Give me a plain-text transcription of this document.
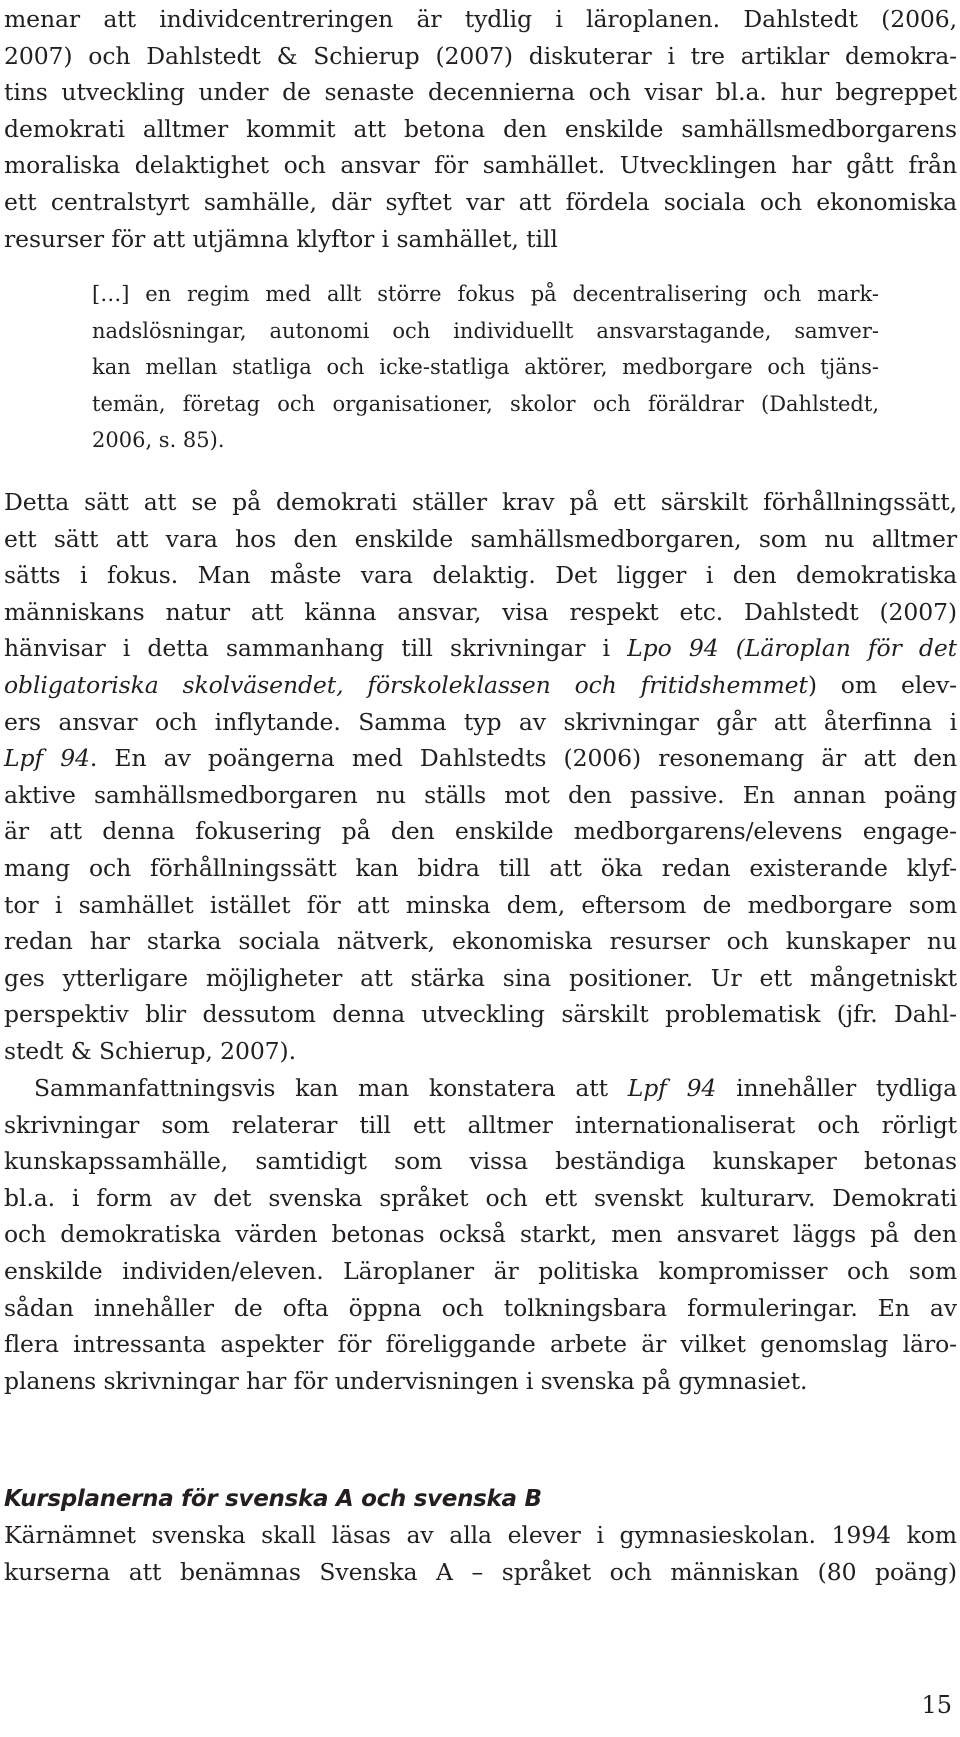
menar att individcentreringen är tydlig i läroplanen. Dahlstedt (2006,
2007) och Dahlstedt & Schierup (2007) diskuterar i tre artiklar demokra-
tins utveckling under de senaste decennierna och visar bl.a. hur begreppet
demokrati alltmer kommit att betona den enskilde samhällsmedborgarens
moraliska delaktighet och ansvar för samhället. Utvecklingen har gått från
ett centralstyrt samhälle, där syftet var att fördela sociala och ekonomiska
resurser för att utjämna klyftor i samhället, till
[…] en regim med allt större fokus på decentralisering och mark-
nadslösningar, autonomi och individuellt ansvarstagande, samver-
kan mellan statliga och icke-statliga aktörer, medborgare och tjäns-
temän, företag och organisationer, skolor och föräldrar (Dahlstedt,
2006, s. 85).
Detta sätt att se på demokrati ställer krav på ett särskilt förhållningssätt,
ett sätt att vara hos den enskilde samhällsmedborgaren, som nu alltmer
sätts i fokus. Man måste vara delaktig. Det ligger i den demokratiska
människans natur att känna ansvar, visa respekt etc. Dahlstedt (2007)
hänvisar i detta sammanhang till skrivningar i Lpo 94 (Läroplan för det
obligatoriska skolväsendet, förskoleklassen och fritidshemmet) om elev-
ers ansvar och inflytande. Samma typ av skrivningar går att återfinna i
Lpf 94. En av poängerna med Dahlstedts (2006) resonemang är att den
aktive samhällsmedborgaren nu ställs mot den passive. En annan poäng
är att denna fokusering på den enskilde medborgarens/elevens engage-
mang och förhållningssätt kan bidra till att öka redan existerande klyf-
tor i samhället istället för att minska dem, eftersom de medborgare som
redan har starka sociala nätverk, ekonomiska resurser och kunskaper nu
ges ytterligare möjligheter att stärka sina positioner. Ur ett mångetniskt
perspektiv blir dessutom denna utveckling särskilt problematisk (jfr. Dahl-
stedt & Schierup, 2007).
Sammanfattningsvis kan man konstatera att Lpf 94 innehåller tydliga
skrivningar som relaterar till ett alltmer internationaliserat och rörligt
kunskapssamhälle, samtidigt som vissa beständiga kunskaper betonas
bl.a. i form av det svenska språket och ett svenskt kulturarv. Demokrati
och demokratiska värden betonas också starkt, men ansvaret läggs på den
enskilde individen/eleven. Läroplaner är politiska kompromisser och som
sådan innehåller de ofta öppna och tolkningsbara formuleringar. En av
flera intressanta aspekter för föreliggande arbete är vilket genomslag läro-
planens skrivningar har för undervisningen i svenska på gymnasiet.
Kursplanerna för svenska A och svenska B
Kärnämnet svenska skall läsas av alla elever i gymnasieskolan. 1994 kom
kurserna att benämnas Svenska A – språket och människan (80 poäng)
15
